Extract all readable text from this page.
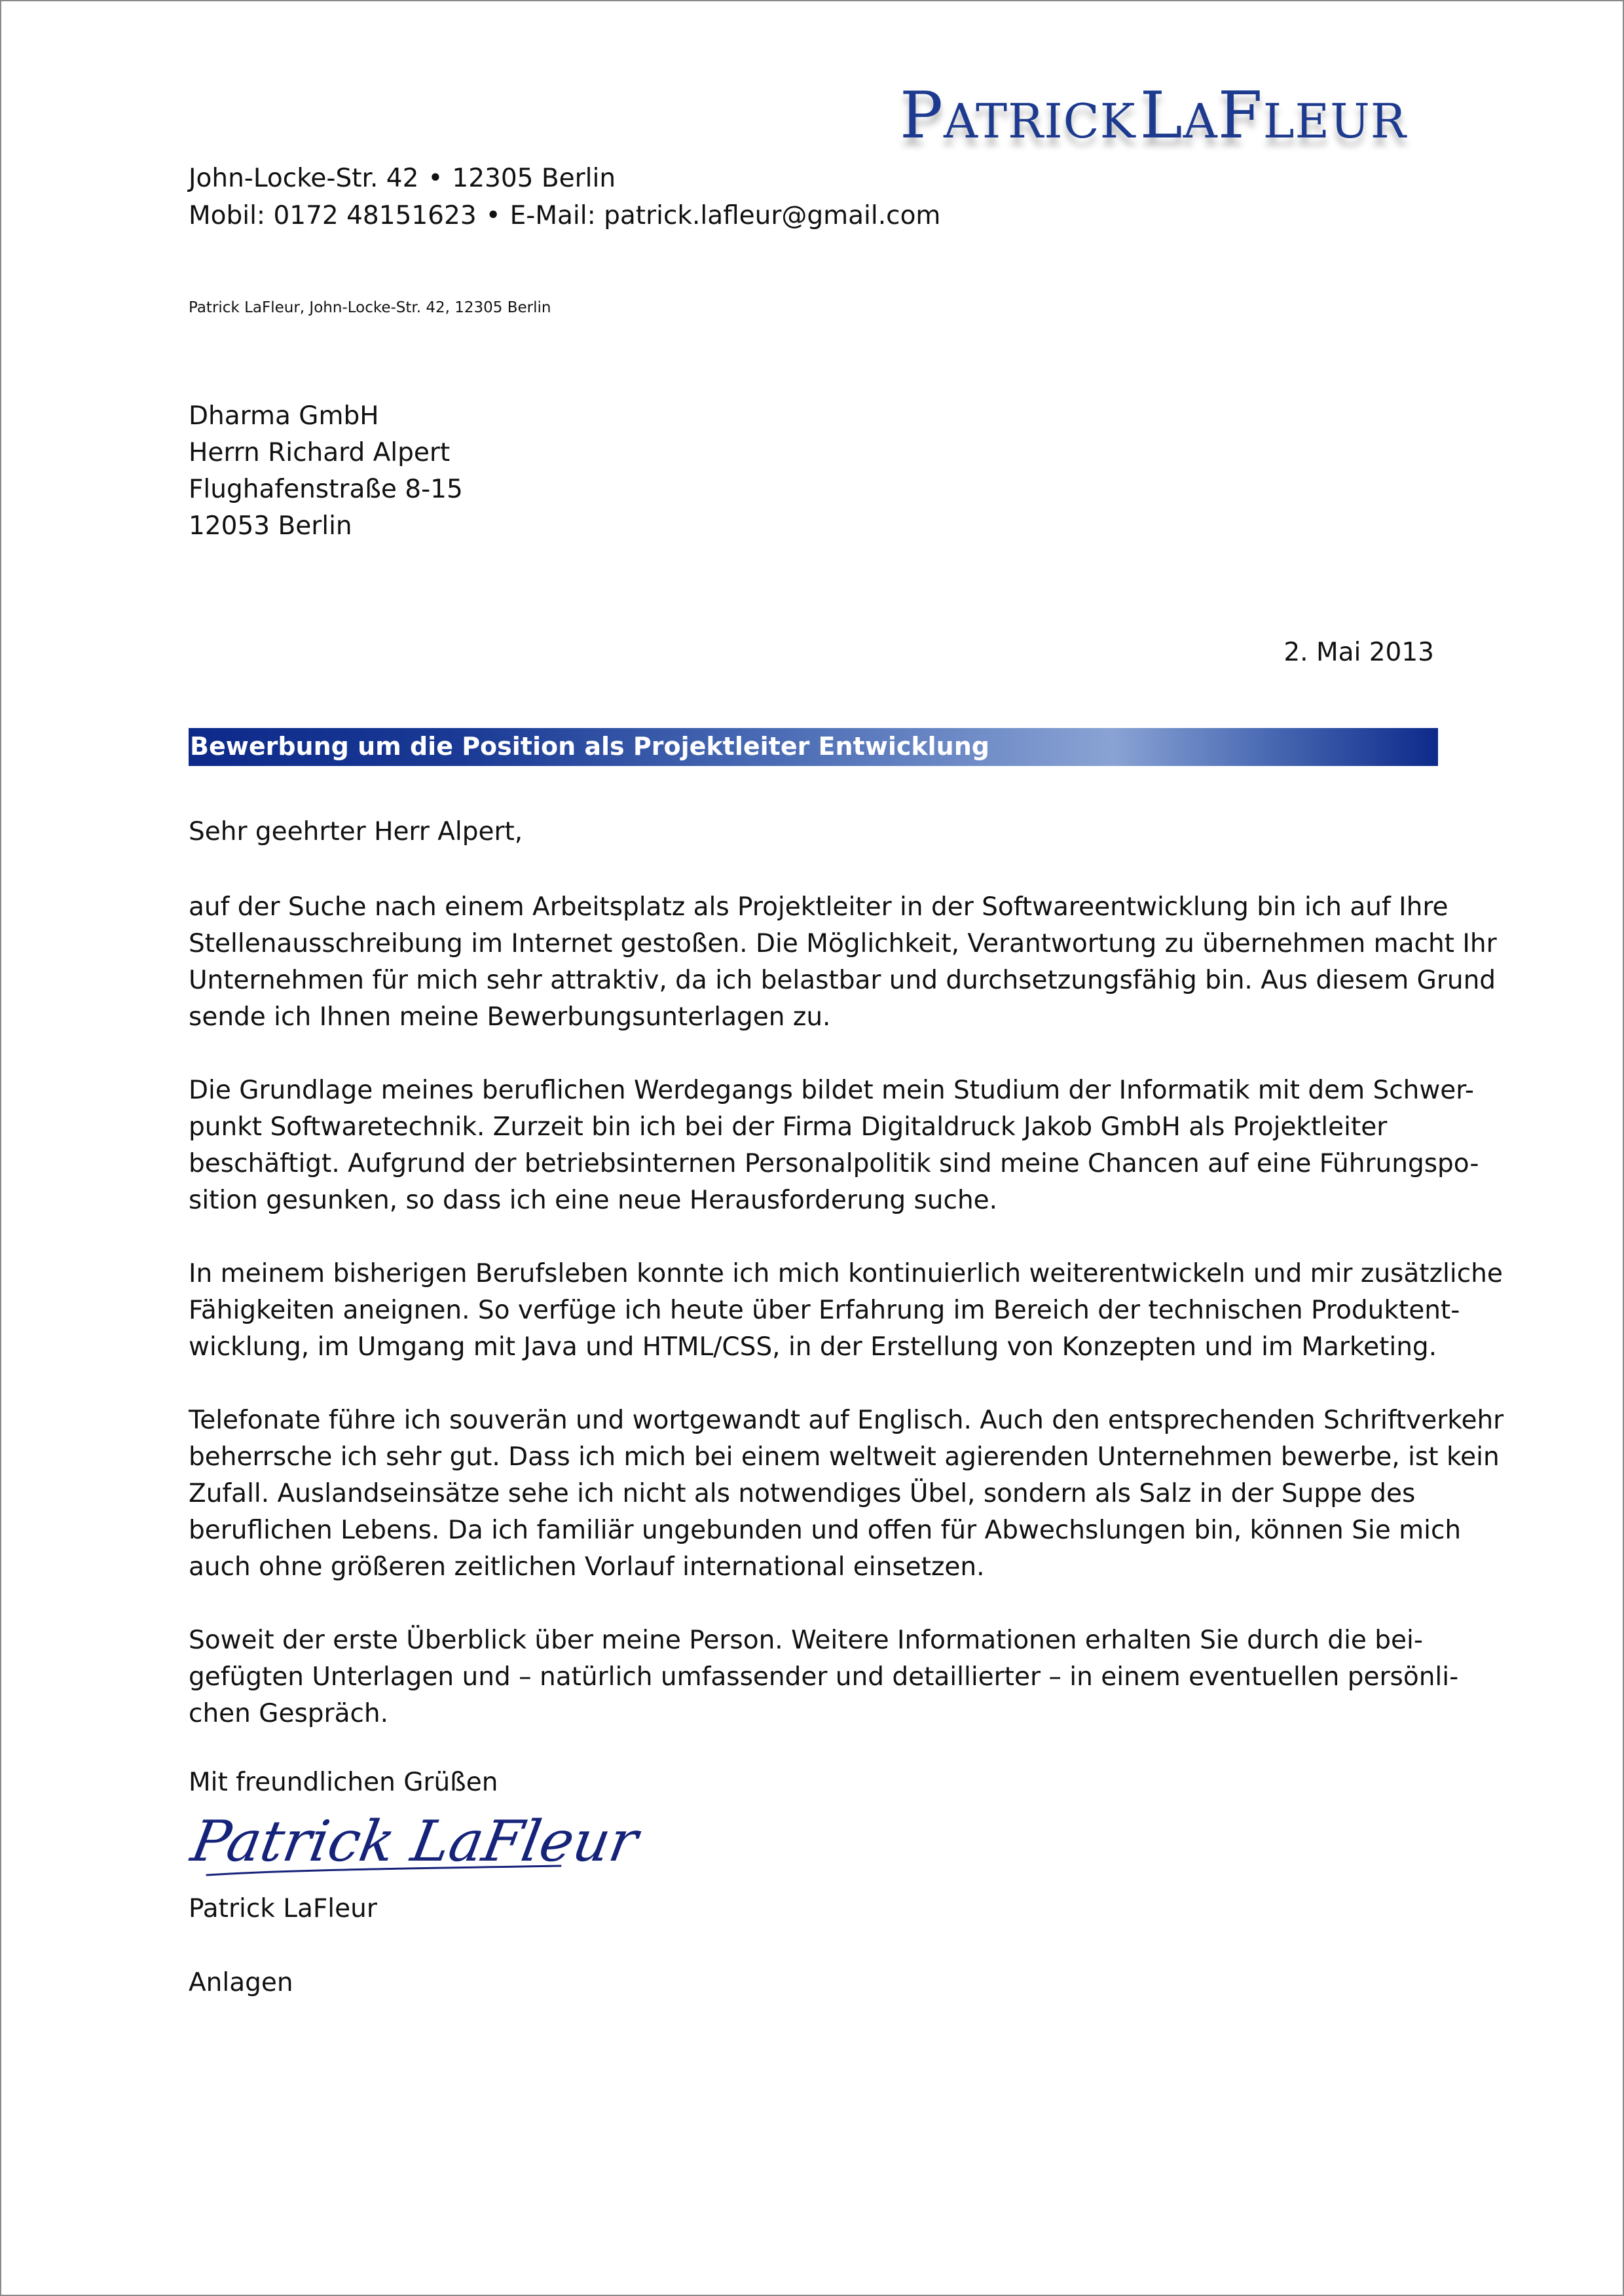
PATRICK LAFLEUR
John-Locke-Str. 42 • 12305 Berlin
Mobil: 0172 48151623 • E-Mail: patrick.lafleur@gmail.com
Patrick LaFleur, John-Locke-Str. 42, 12305 Berlin
Dharma GmbH
Herrn Richard Alpert
Flughafenstraße 8-15
12053 Berlin
2. Mai 2013
Bewerbung um die Position als Projektleiter Entwicklung
Sehr geehrter Herr Alpert,
auf der Suche nach einem Arbeitsplatz als Projektleiter in der Softwareentwicklung bin ich auf Ihre
Stellenausschreibung im Internet gestoßen. Die Möglichkeit, Verantwortung zu übernehmen macht Ihr
Unternehmen für mich sehr attraktiv, da ich belastbar und durchsetzungsfähig bin. Aus diesem Grund
sende ich Ihnen meine Bewerbungsunterlagen zu.
Die Grundlage meines beruflichen Werdegangs bildet mein Studium der Informatik mit dem Schwer-
punkt Softwaretechnik. Zurzeit bin ich bei der Firma Digitaldruck Jakob GmbH als Projektleiter
beschäftigt. Aufgrund der betriebsinternen Personalpolitik sind meine Chancen auf eine Führungspo-
sition gesunken, so dass ich eine neue Herausforderung suche.
In meinem bisherigen Berufsleben konnte ich mich kontinuierlich weiterentwickeln und mir zusätzliche
Fähigkeiten aneignen. So verfüge ich heute über Erfahrung im Bereich der technischen Produktent-
wicklung, im Umgang mit Java und HTML/CSS, in der Erstellung von Konzepten und im Marketing.
Telefonate führe ich souverän und wortgewandt auf Englisch. Auch den entsprechenden Schriftverkehr
beherrsche ich sehr gut. Dass ich mich bei einem weltweit agierenden Unternehmen bewerbe, ist kein
Zufall. Auslandseinsätze sehe ich nicht als notwendiges Übel, sondern als Salz in der Suppe des
beruflichen Lebens. Da ich familiär ungebunden und offen für Abwechslungen bin, können Sie mich
auch ohne größeren zeitlichen Vorlauf international einsetzen.
Soweit der erste Überblick über meine Person. Weitere Informationen erhalten Sie durch die bei-
gefügten Unterlagen und – natürlich umfassender und detaillierter – in einem eventuellen persönli-
chen Gespräch.
Mit freundlichen Grüßen
Patrick LaFleur
Patrick LaFleur
Anlagen
